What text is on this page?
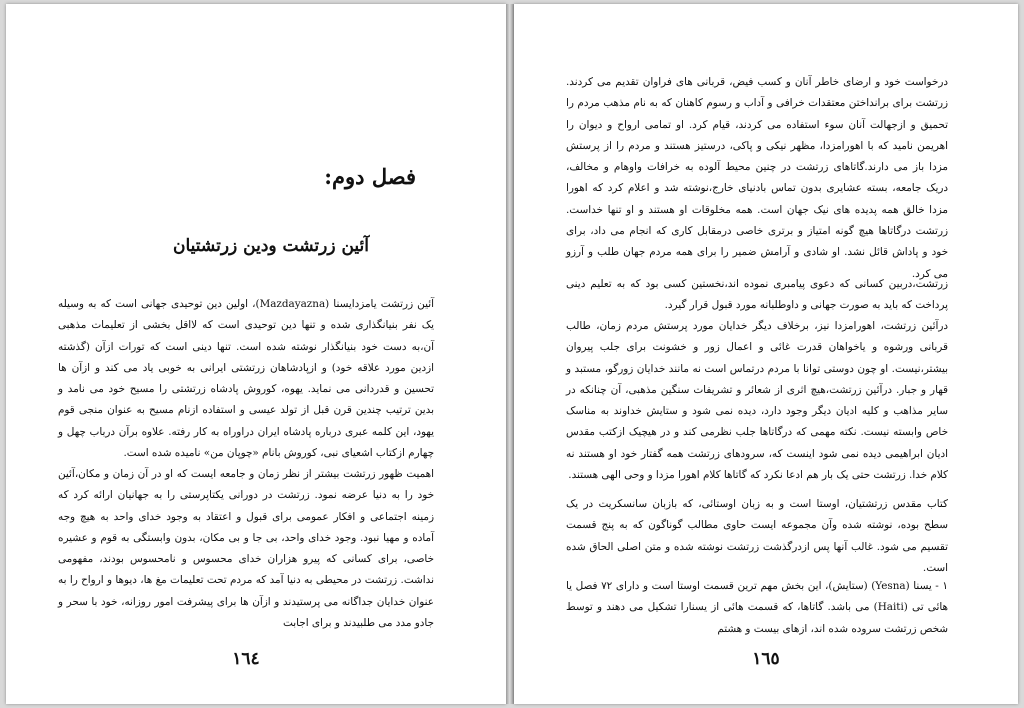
فصل دوم:
آئین زرتشت ودین زرتشتیان

آئین زرتشت یامزدایسنا (Mazdayazna)، اولین دین توحیدی جهانی است که به وسیله یک نفر بنیانگذاری شده و تنها دین توحیدی است که لااقل بخشی از تعلیمات مذهبی آن،به دست خود بنیانگذار نوشته شده است. تنها دینی است که تورات ازآن (گذشته ازدین مورد علاقه خود) و ازپادشاهان زرتشتی ایرانی به خوبی یاد می کند و ازآن ها تحسین و قدردانی می نماید. یهوه، کوروش پادشاه زرتشتی را مسیح خود می نامد و بدین ترتیب چندین قرن قبل از تولد عیسی و استفاده ازنام مسیح به عنوان منجی قوم یهود، این کلمه عبری درباره پادشاه ایران دراوراه به کار رفته. علاوه برآن درباب چهل و چهارم ازکتاب اشعیای نبی، کوروش بانام «چوپان من» نامیده شده است.

اهمیت ظهور زرتشت بیشتر از نظر زمان و جامعه ایست که او در آن زمان و مکان،آئین خود را به دنیا عرضه نمود. زرتشت در دورانی یکتاپرستی را به جهانیان ارائه کرد که زمینه اجتماعی و افکار عمومی برای قبول و اعتقاد به وجود خدای واحد به هیچ وجه آماده و مهیا نبود. وجود خدای واحد، بی جا و بی مکان، بدون وابستگی به قوم و عشیره خاصی، برای کسانی که پیرو هزاران خدای محسوس و نامحسوس بودند، مفهومی نداشت. زرتشت در محیطی به دنیا آمد که مردم تحت تعلیمات مغ ها، دیوها و ارواح را به عنوان خدایان جداگانه می پرستیدند و ازآن ها برای پیشرفت امور روزانه، خود با سحر و جادو مدد می طلبیدند و برای اجابت

١٦٤

درخواست خود و ارضای خاطر آنان و کسب فیض، قربانی های فراوان تقدیم می کردند. زرتشت برای برانداختن معتقدات خرافی و آداب و رسوم کاهنان که به نام مذهب مردم را تحمیق و ازجهالت آنان سوء استفاده می کردند، قیام کرد. او تمامی ارواح و دیوان را اهریمن نامید که با اهورامزدا، مظهر نیکی و پاکی، درستیز هستند و مردم را از پرستش مزدا باز می دارند.گاتاهای زرتشت در چنین محیط آلوده به خرافات واوهام و مخالف، دریک جامعه، بسته عشایری بدون تماس بادنیای خارج،نوشته شد و اعلام کرد که اهورا مزدا خالق همه پدیده های نیک جهان است. همه مخلوقات او هستند و او تنها خداست. زرتشت درگاتاها هیچ گونه امتیاز و برتری خاصی درمقابل کاری که انجام می داد، برای خود و پاداش قائل نشد. او شادی و آرامش ضمیر را برای همه مردم جهان طلب و آرزو می کرد.

زرتشت،دربین کسانی که دعوی پیامبری نموده اند،نخستین کسی بود که به تعلیم دینی پرداخت که باید به صورت جهانی و داوطلبانه مورد قبول قرار گیرد.

درآئین زرتشت، اهورامزدا نیز، برخلاف دیگر خدایان مورد پرستش مردم زمان، طالب قربانی ورشوه و یاخواهان قدرت غائی و اعمال زور و خشونت برای جلب پیروان بیشتر،نیست. او چون دوستی توانا با مردم درتماس است نه مانند خدایان زورگو، مستبد و قهار و جبار. درآئین زرتشت،هیچ اثری از شعائر و تشریفات سنگین مذهبی، آن چنانکه در سایر مذاهب و کلیه ادیان دیگر وجود دارد، دیده نمی شود و ستایش خداوند به مناسک خاص وابسته نیست. نکته مهمی که درگاتاها جلب نظرمی کند و در هیچیک ازکتب مقدس ادیان ابراهیمی دیده نمی شود اینست که، سرودهای زرتشت همه گفتار خود او هستند نه کلام خدا. زرتشت حتی یک بار هم ادعا نکرد که گاتاها کلام اهورا مزدا و وحی الهی هستند.

کتاب مقدس زرتشتیان، اوستا است و به زبان اوستائی، که بازبان سانسکریت در یک سطح بوده، نوشته شده وآن مجموعه ایست حاوی مطالب گوناگون که به پنج قسمت تقسیم می شود. غالب آنها پس ازدرگذشت زرتشت نوشته شده و متن اصلی الحاق شده است.

١ - یسنا (Yesna) (ستایش)، این بخش مهم ترین قسمت اوستا است و دارای ٧٢ فصل یا هائی تی (Haiti) می باشد. گاتاها، که قسمت هائی از یسنارا تشکیل می دهند و توسط شخص زرتشت سروده شده اند، ازهای بیست و هشتم

١٦٥
